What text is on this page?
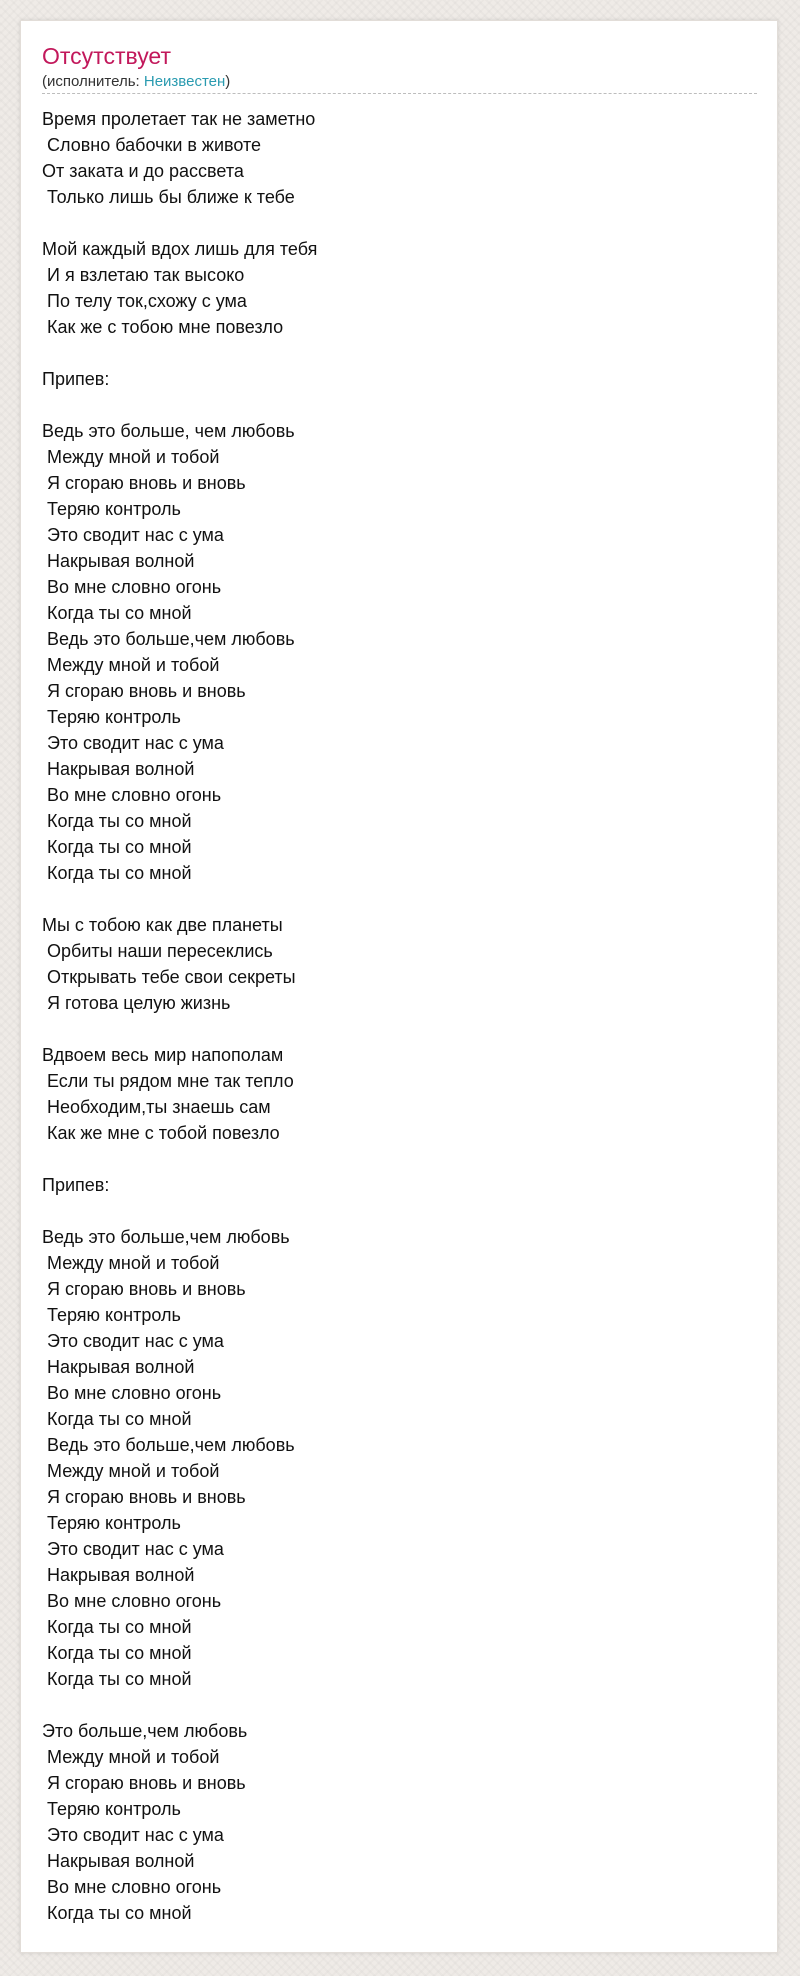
Отсутствует
(исполнитель: Неизвестен)
Время пролетает так не заметно
Словно бабочки в животе
От заката и до рассвета
Только лишь бы ближе к тебе

Мой каждый вдох лишь для тебя
И я взлетаю так высоко
По телу ток,схожу с ума
Как же с тобою мне повезло

Припев:

Ведь это больше, чем любовь
Между мной и тобой
Я сгораю вновь и вновь
Теряю контроль
Это сводит нас с ума
Накрывая волной
Во мне словно огонь
Когда ты со мной
Ведь это больше,чем любовь
Между мной и тобой
Я сгораю вновь и вновь
Теряю контроль
Это сводит нас с ума
Накрывая волной
Во мне словно огонь
Когда ты со мной
Когда ты со мной
Когда ты со мной

Мы с тобою как две планеты
Орбиты наши пересеклись
Открывать тебе свои секреты
Я готова целую жизнь

Вдвоем весь мир напополам
Если ты рядом мне так тепло
Необходим,ты знаешь сам
Как же мне с тобой повезло

Припев:

Ведь это больше,чем любовь
Между мной и тобой
Я сгораю вновь и вновь
Теряю контроль
Это сводит нас с ума
Накрывая волной
Во мне словно огонь
Когда ты со мной
Ведь это больше,чем любовь
Между мной и тобой
Я сгораю вновь и вновь
Теряю контроль
Это сводит нас с ума
Накрывая волной
Во мне словно огонь
Когда ты со мной
Когда ты со мной
Когда ты со мной

Это больше,чем любовь
Между мной и тобой
Я сгораю вновь и вновь
Теряю контроль
Это сводит нас с ума
Накрывая волной
Во мне словно огонь
Когда ты со мной
